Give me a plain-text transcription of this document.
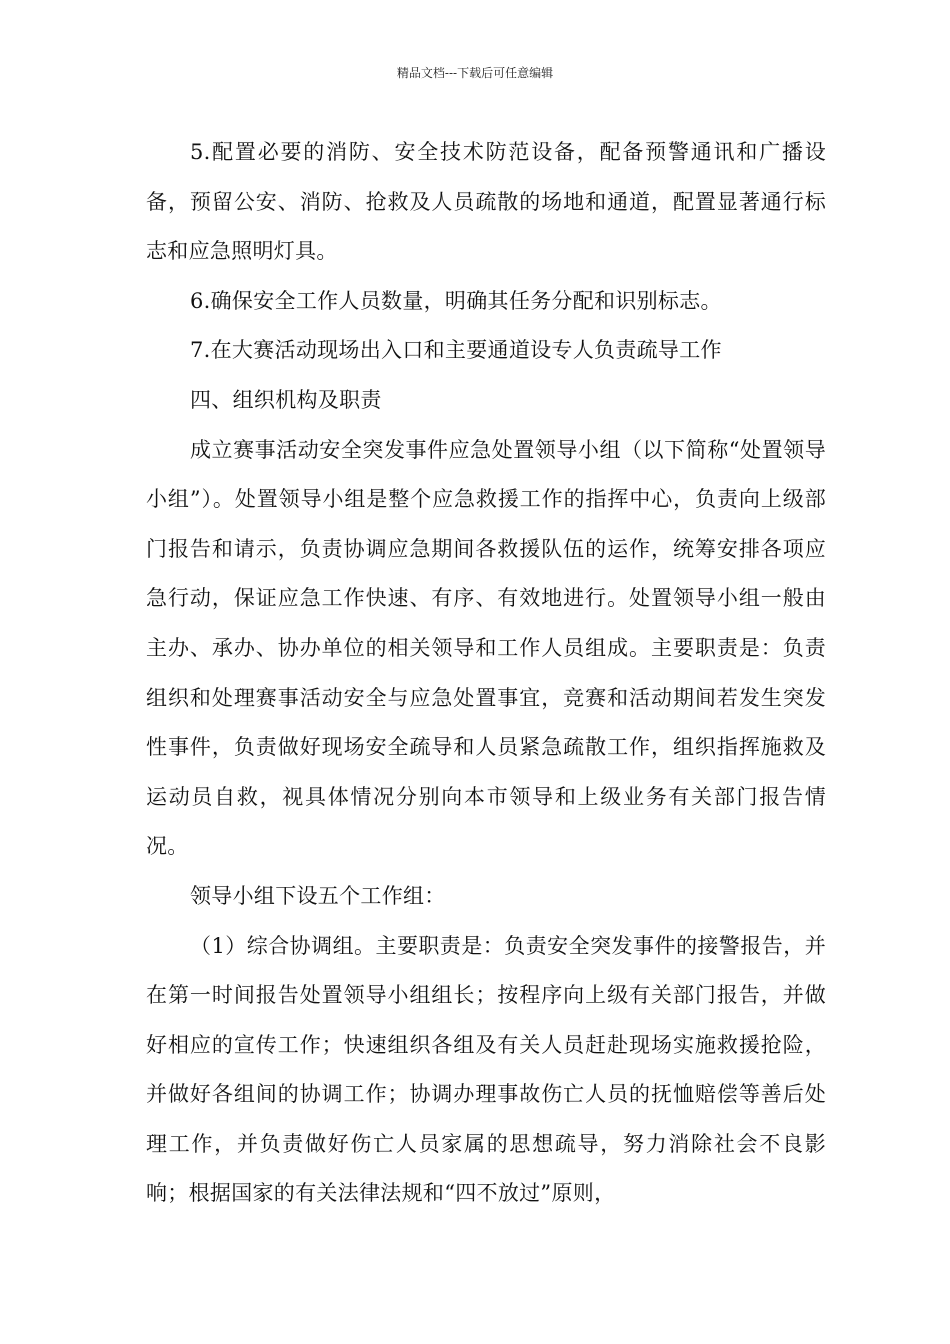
精品文档---下载后可任意编辑

5.配置必要的消防、安全技术防范设备，配备预警通讯和广播设备，预留公安、消防、抢救及人员疏散的场地和通道，配置显著通行标志和应急照明灯具。

6.确保安全工作人员数量，明确其任务分配和识别标志。

7.在大赛活动现场出入口和主要通道设专人负责疏导工作

四、组织机构及职责

成立赛事活动安全突发事件应急处置领导小组（以下简称“处置领导小组”）。处置领导小组是整个应急救援工作的指挥中心，负责向上级部门报告和请示，负责协调应急期间各救援队伍的运作，统筹安排各项应急行动，保证应急工作快速、有序、有效地进行。处置领导小组一般由主办、承办、协办单位的相关领导和工作人员组成。主要职责是：负责组织和处理赛事活动安全与应急处置事宜，竞赛和活动期间若发生突发性事件，负责做好现场安全疏导和人员紧急疏散工作，组织指挥施救及运动员自救，视具体情况分别向本市领导和上级业务有关部门报告情况。

领导小组下设五个工作组：

（1）综合协调组。主要职责是：负责安全突发事件的接警报告，并在第一时间报告处置领导小组组长；按程序向上级有关部门报告，并做好相应的宣传工作；快速组织各组及有关人员赶赴现场实施救援抢险，并做好各组间的协调工作；协调办理事故伤亡人员的抚恤赔偿等善后处理工作，并负责做好伤亡人员家属的思想疏导，努力消除社会不良影响；根据国家的有关法律法规和“四不放过”原则，
